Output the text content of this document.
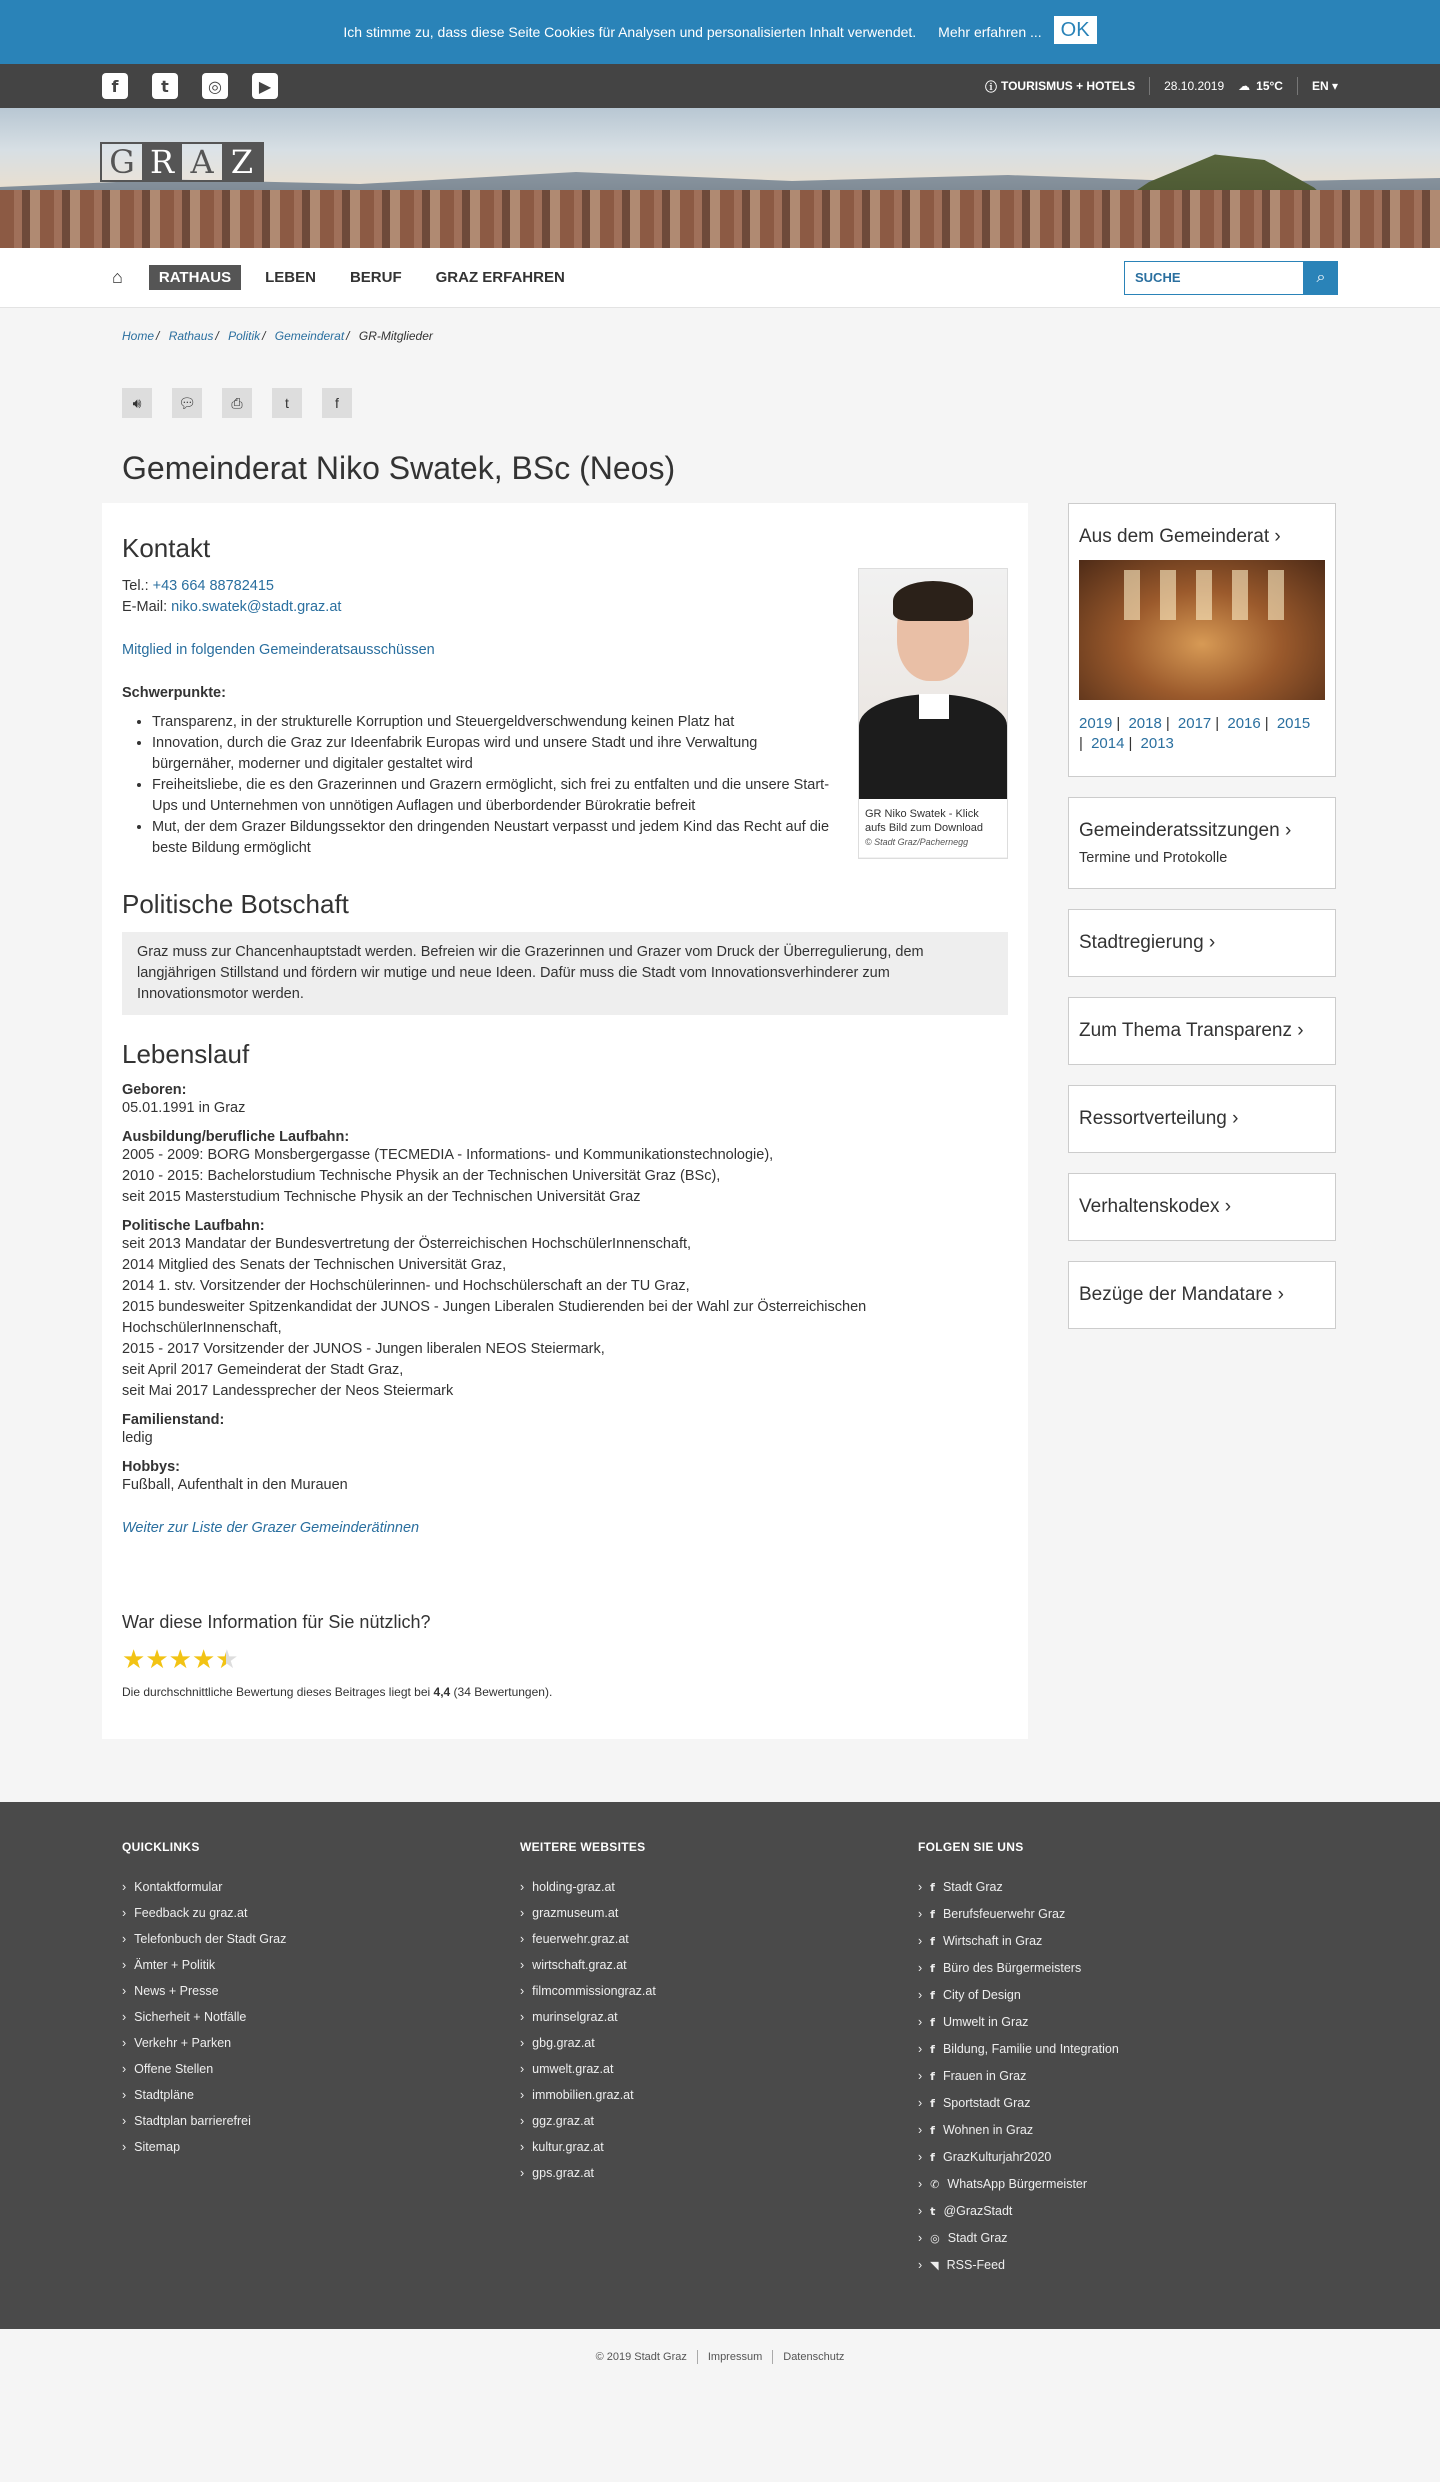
Ich stimme zu, dass diese Seite Cookies für Analysen und personalisierten Inhalt verwendet. Mehr erfahren ... OK
f	t	◎	▶	ⓘ TOURISMUS + HOTELS 28.10.2019 ☁ 15°C EN ▾
G R A Z
⌂	RATHAUS	LEBEN	BERUF	GRAZ ERFAHREN
SUCHE	⌕
Home / Rathaus / Politik / Gemeinderat / GR-Mitglieder
🔊︎	💬︎	⎙	t	f
Gemeinderat Niko Swatek, BSc (Neos)
Kontakt

Tel.: +43 664 88782415

E-Mail: niko.swatek@stadt.graz.at

Mitglied in folgenden Gemeinderatsausschüssen

Schwerpunkte:

• Transparenz, in der strukturelle Korruption und Steuergeldverschwendung keinen Platz hat
• Innovation, durch die Graz zur Ideenfabrik Europas wird und unsere Stadt und ihre Verwaltung bürgernäher, moderner und digitaler gestaltet wird
• Freiheitsliebe, die es den Grazerinnen und Grazern ermöglicht, sich frei zu entfalten und die unsere Start-Ups und Unternehmen von unnötigen Auflagen und überbordender Bürokratie befreit
• Mut, der dem Grazer Bildungssektor den dringenden Neustart verpasst und jedem Kind das Recht auf die beste Bildung ermöglicht
GR Niko Swatek - Klick aufs Bild zum Download
© Stadt Graz/Pachernegg
Politische Botschaft
Graz muss zur Chancenhauptstadt werden. Befreien wir die Grazerinnen und Grazer vom Druck der Überregulierung, dem langjährigen Stillstand und fördern wir mutige und neue Ideen. Dafür muss die Stadt vom Innovationsverhinderer zum Innovationsmotor werden.
Lebenslauf
Geboren:
05.01.1991 in Graz
Ausbildung/berufliche Laufbahn:
2005 - 2009: BORG Monsbergergasse (TECMEDIA - Informations- und Kommunikationstechnologie),
2010 - 2015: Bachelorstudium Technische Physik an der Technischen Universität Graz (BSc),
seit 2015 Masterstudium Technische Physik an der Technischen Universität Graz
Politische Laufbahn:
seit 2013 Mandatar der Bundesvertretung der Österreichischen HochschülerInnenschaft,
2014 Mitglied des Senats der Technischen Universität Graz,
2014 1. stv. Vorsitzender der Hochschülerinnen- und Hochschülerschaft an der TU Graz,
2015 bundesweiter Spitzenkandidat der JUNOS - Jungen Liberalen Studierenden bei der Wahl zur Österreichischen HochschülerInnenschaft,
2015 - 2017 Vorsitzender der JUNOS - Jungen liberalen NEOS Steiermark,
seit April 2017 Gemeinderat der Stadt Graz,
seit Mai 2017 Landessprecher der Neos Steiermark
Familienstand:
ledig
Hobbys:
Fußball, Aufenthalt in den Murauen
Weiter zur Liste der Grazer Gemeinderätinnen
War diese Information für Sie nützlich?
★ ★ ★ ★ ★
Die durchschnittliche Bewertung dieses Beitrages liegt bei 4,4 (34 Bewertungen).
Aus dem Gemeinderat ›
2019 | 2018 | 2017 | 2016 | 2015
| 2014 | 2013
Gemeinderatssitzungen ›
Termine und Protokolle
Stadtregierung ›
Zum Thema Transparenz ›
Ressortverteilung ›
Verhaltenskodex ›
Bezüge der Mandatare ›
QUICKLINKS
› Kontaktformular
› Feedback zu graz.at
› Telefonbuch der Stadt Graz
› Ämter + Politik
› News + Presse
› Sicherheit + Notfälle
› Verkehr + Parken
› Offene Stellen
› Stadtpläne
› Stadtplan barrierefrei
› Sitemap
WEITERE WEBSITES
› holding-graz.at
› grazmuseum.at
› feuerwehr.graz.at
› wirtschaft.graz.at
› filmcommissiongraz.at
› murinselgraz.at
› gbg.graz.at
› umwelt.graz.at
› immobilien.graz.at
› ggz.graz.at
› kultur.graz.at
› gps.graz.at
FOLGEN SIE UNS
› f Stadt Graz
› f Berufsfeuerwehr Graz
› f Wirtschaft in Graz
› f Büro des Bürgermeisters
› f City of Design
› f Umwelt in Graz
› f Bildung, Familie und Integration
› f Frauen in Graz
› f Sportstadt Graz
› f Wohnen in Graz
› f GrazKulturjahr2020
› ✆ WhatsApp Bürgermeister
› t @GrazStadt
› ◎ Stadt Graz
› ◥ RSS-Feed
© 2019 Stadt Graz Impressum Datenschutz
